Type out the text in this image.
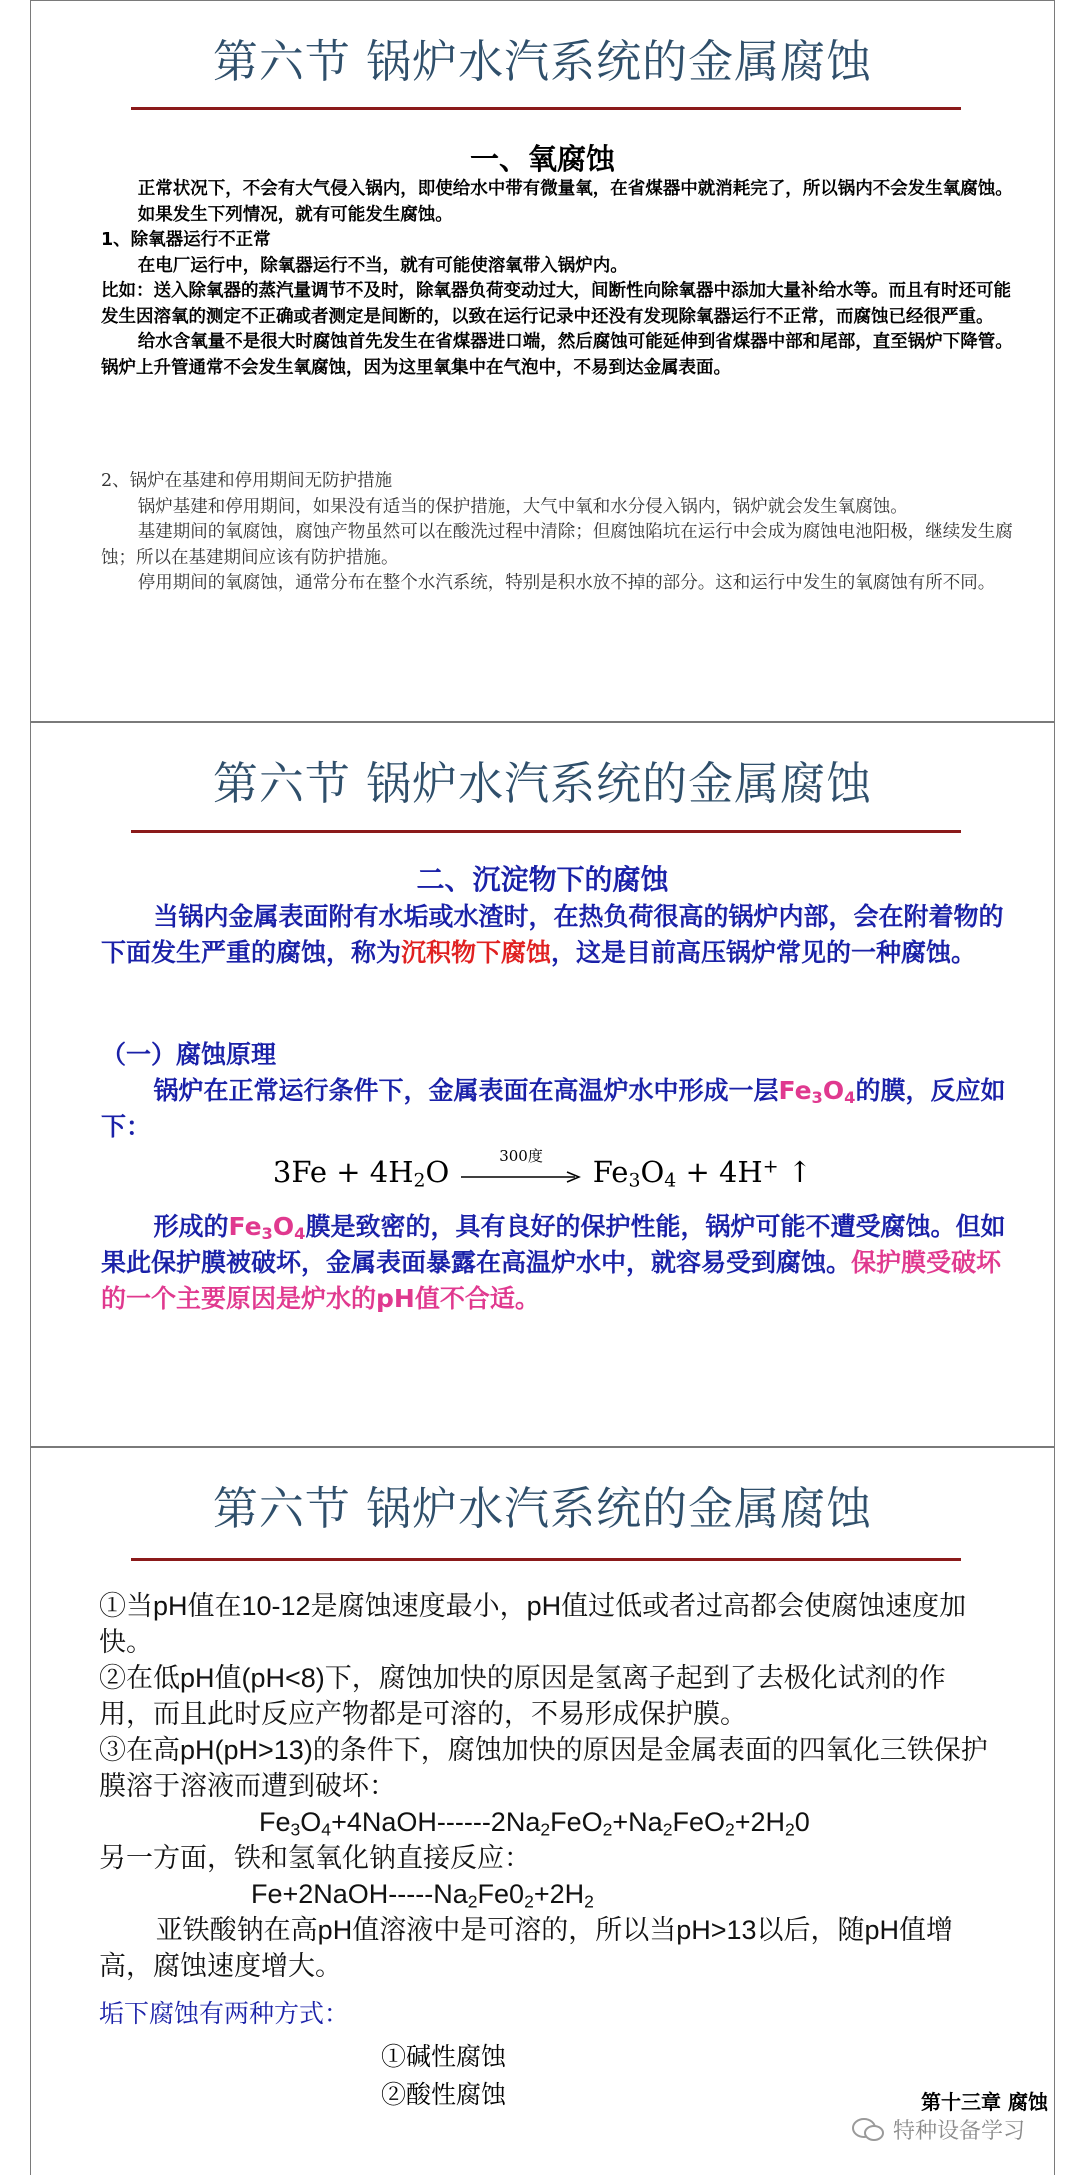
第六节 锅炉水汽系统的金属腐蚀
一、氧腐蚀

正常状况下，不会有大气侵入锅内，即使给水中带有微量氧，在省煤器中就消耗完了，所以锅内不会发生氧腐蚀。

如果发生下列情况，就有可能发生腐蚀。

1、除氧器运行不正常

在电厂运行中，除氧器运行不当，就有可能使溶氧带入锅炉内。

比如：送入除氧器的蒸汽量调节不及时，除氧器负荷变动过大，间断性向除氧器中添加大量补给水等。而且有时还可能发生因溶氧的测定不正确或者测定是间断的，以致在运行记录中还没有发现除氧器运行不正常，而腐蚀已经很严重。

给水含氧量不是很大时腐蚀首先发生在省煤器进口端，然后腐蚀可能延伸到省煤器中部和尾部，直至锅炉下降管。锅炉上升管通常不会发生氧腐蚀，因为这里氧集中在气泡中，不易到达金属表面。

2、锅炉在基建和停用期间无防护措施

锅炉基建和停用期间，如果没有适当的保护措施，大气中氧和水分侵入锅内，锅炉就会发生氧腐蚀。

基建期间的氧腐蚀，腐蚀产物虽然可以在酸洗过程中清除；但腐蚀陷坑在运行中会成为腐蚀电池阳极，继续发生腐蚀；所以在基建期间应该有防护措施。

停用期间的氧腐蚀，通常分布在整个水汽系统，特别是积水放不掉的部分。这和运行中发生的氧腐蚀有所不同。

第六节 锅炉水汽系统的金属腐蚀
二、沉淀物下的腐蚀

当锅内金属表面附有水垢或水渣时，在热负荷很高的锅炉内部，会在附着物的下面发生严重的腐蚀，称为沉积物下腐蚀，这是目前高压锅炉常见的一种腐蚀。

（一）腐蚀原理

锅炉在正常运行条件下，金属表面在高温炉水中形成一层$Fe_3O_4$的膜，反应如下：

$3Fe + 4H_2O$	300度	$Fe_3O_4 + 4H^+$ ↑

形成的$Fe_3O_4$膜是致密的，具有良好的保护性能，锅炉可能不遭受腐蚀。但如果此保护膜被破坏，金属表面暴露在高温炉水中，就容易受到腐蚀。保护膜受破坏的一个主要原因是炉水的pH值不合适。

第六节 锅炉水汽系统的金属腐蚀

①当pH值在10-12是腐蚀速度最小，pH值过低或者过高都会使腐蚀速度加快。

②在低pH值(pH<8)下，腐蚀加快的原因是氢离子起到了去极化试剂的作用，而且此时反应产物都是可溶的，不易形成保护膜。

③在高pH(pH>13)的条件下，腐蚀加快的原因是金属表面的四氧化三铁保护膜溶于溶液而遭到破坏：

$Fe_3O_4+4NaOH------2Na_2FeO_2+Na_2FeO_2+2H_20$

另一方面，铁和氢氧化钠直接反应：

$Fe+2NaOH-----Na_2Fe0_2+2H_2$

亚铁酸钠在高pH值溶液中是可溶的，所以当pH>13以后，随pH值增高，腐蚀速度增大。

垢下腐蚀有两种方式：
①碱性腐蚀
②酸性腐蚀	第十三章 腐蚀
特种设备学习
